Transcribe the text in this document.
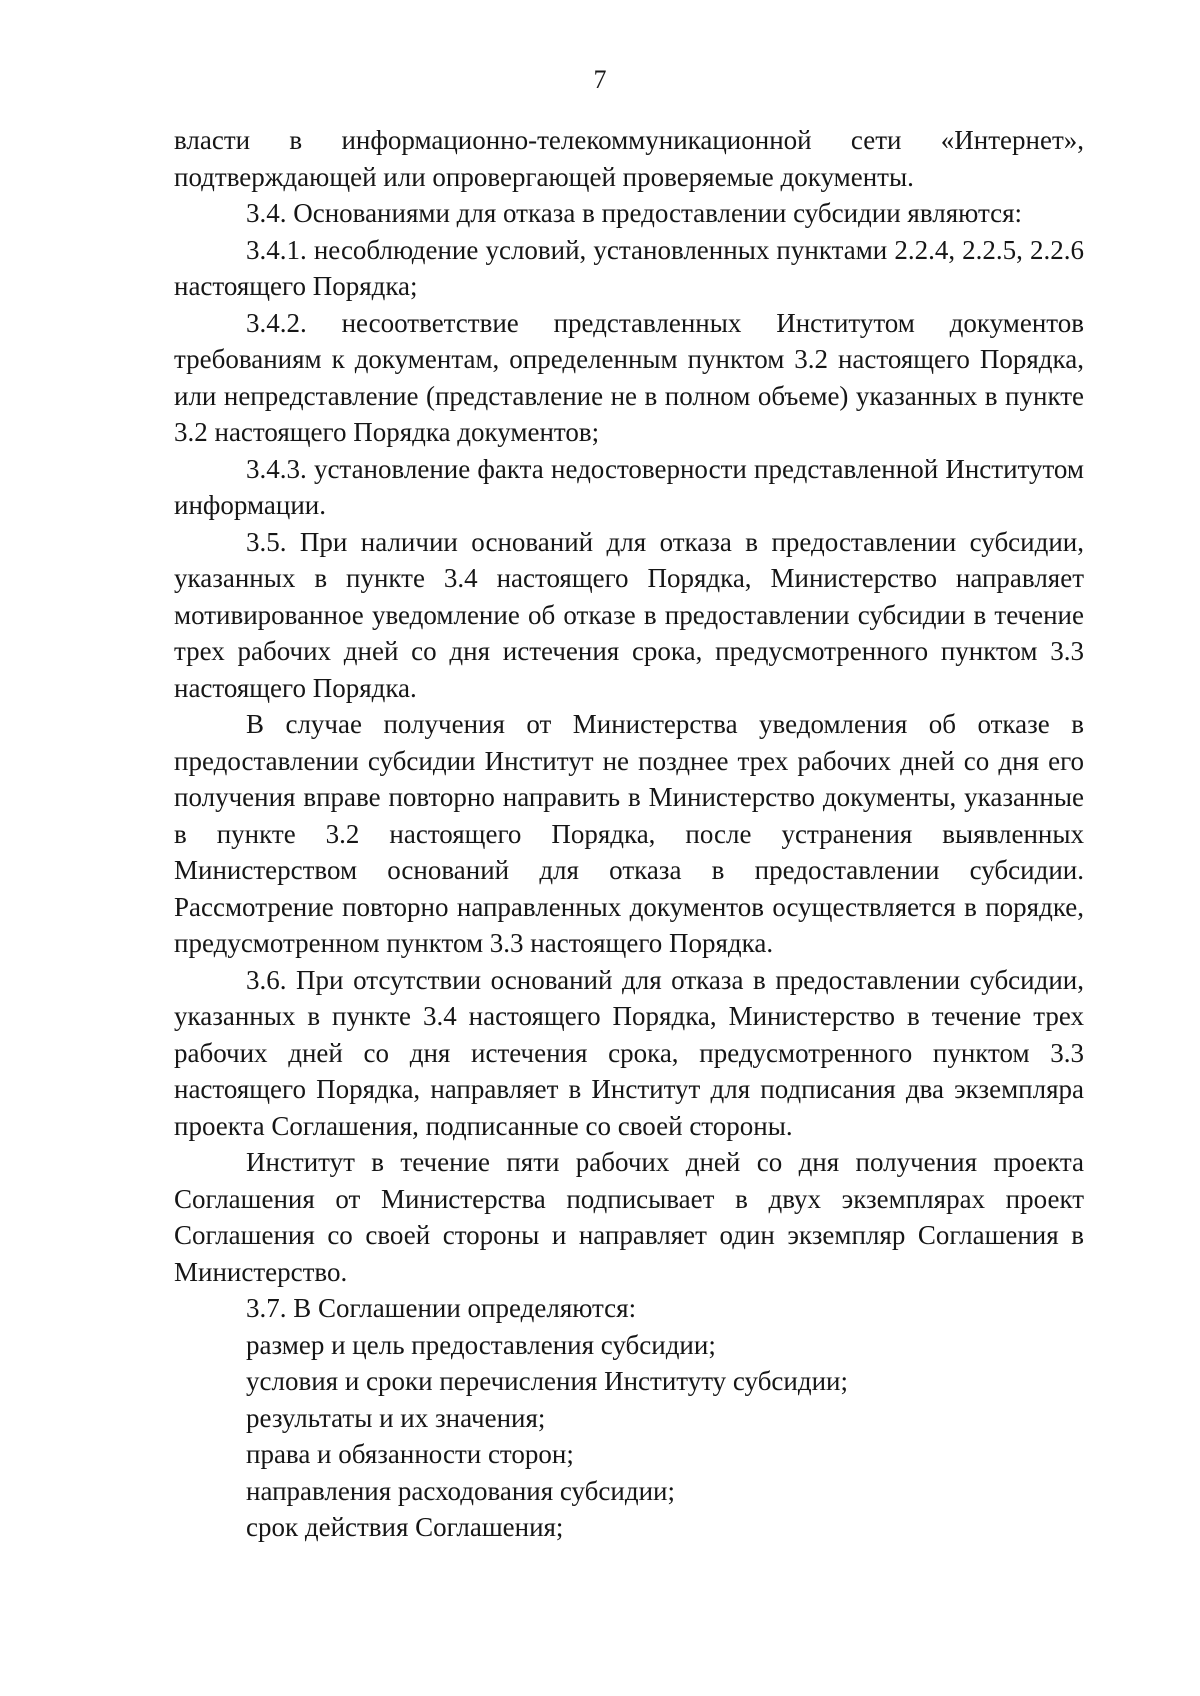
7

власти в информационно-телекоммуникационной сети «Интернет», подтверждающей или опровергающей проверяемые документы.

3.4. Основаниями для отказа в предоставлении субсидии являются:

3.4.1. несоблюдение условий, установленных пунктами 2.2.4, 2.2.5, 2.2.6 настоящего Порядка;

3.4.2. несоответствие представленных Институтом документов требованиям к документам, определенным пунктом 3.2 настоящего Порядка, или непредставление (представление не в полном объеме) указанных в пункте 3.2 настоящего Порядка документов;

3.4.3. установление факта недостоверности представленной Институтом информации.

3.5. При наличии оснований для отказа в предоставлении субсидии, указанных в пункте 3.4 настоящего Порядка, Министерство направляет мотивированное уведомление об отказе в предоставлении субсидии в течение трех рабочих дней со дня истечения срока, предусмотренного пунктом 3.3 настоящего Порядка.

В случае получения от Министерства уведомления об отказе в предоставлении субсидии Институт не позднее трех рабочих дней со дня его получения вправе повторно направить в Министерство документы, указанные в пункте 3.2 настоящего Порядка, после устранения выявленных Министерством оснований для отказа в предоставлении субсидии. Рассмотрение повторно направленных документов осуществляется в порядке, предусмотренном пунктом 3.3 настоящего Порядка.

3.6. При отсутствии оснований для отказа в предоставлении субсидии, указанных в пункте 3.4 настоящего Порядка, Министерство в течение трех рабочих дней со дня истечения срока, предусмотренного пунктом 3.3 настоящего Порядка, направляет в Институт для подписания два экземпляра проекта Соглашения, подписанные со своей стороны.

Институт в течение пяти рабочих дней со дня получения проекта Соглашения от Министерства подписывает в двух экземплярах проект Соглашения со своей стороны и направляет один экземпляр Соглашения в Министерство.

3.7. В Соглашении определяются:

размер и цель предоставления субсидии;

условия и сроки перечисления Институту субсидии;

результаты и их значения;

права и обязанности сторон;

направления расходования субсидии;

срок действия Соглашения;
